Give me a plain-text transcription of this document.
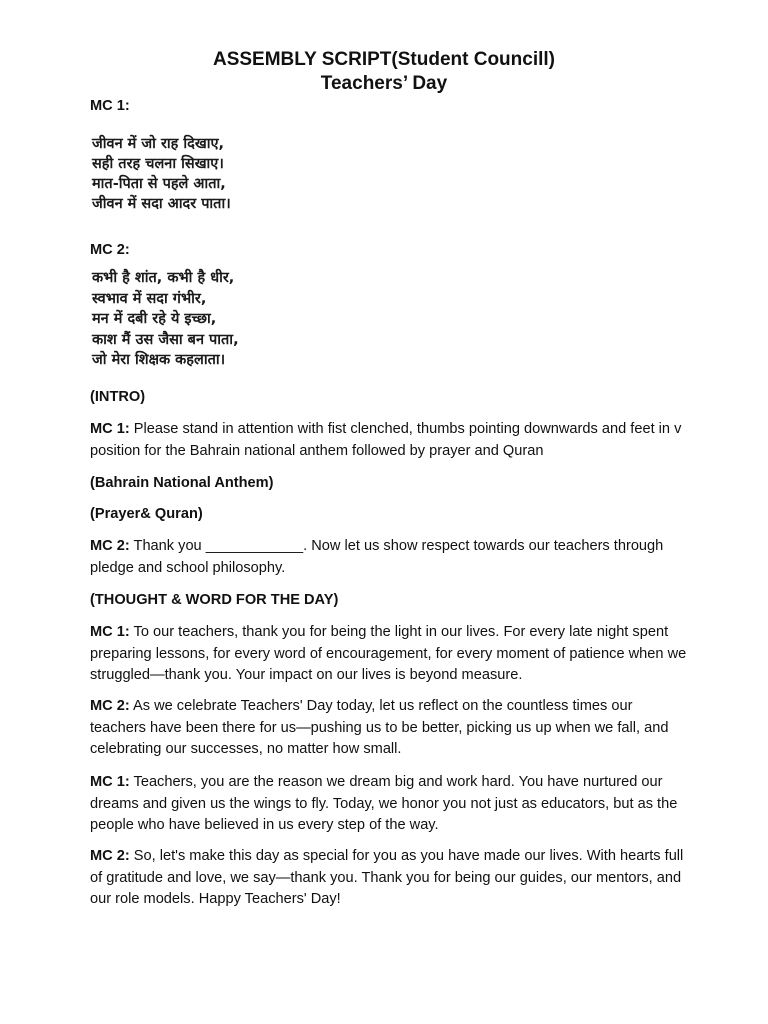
ASSEMBLY SCRIPT(Student Councill)
Teachers’ Day

MC 1:

जीवन में जो राह दिखाए,
सही तरह चलना सिखाए।
मात-पिता से पहले आता,
जीवन में सदा आदर पाता।

MC 2:

कभी है शांत, कभी है धीर,
स्वभाव में सदा गंभीर,
मन में दबी रहे ये इच्छा,
काश मैं उस जैसा बन पाता,
जो मेरा शिक्षक कहलाता।

(INTRO)

MC 1: Please stand in attention with fist clenched, thumbs pointing downwards and feet in v position for the Bahrain national anthem followed by prayer and Quran

(Bahrain National Anthem)

(Prayer& Quran)

MC 2: Thank you ____________. Now let us show respect towards our teachers through pledge and school philosophy.

(THOUGHT & WORD FOR THE DAY)

MC 1: To our teachers, thank you for being the light in our lives. For every late night spent preparing lessons, for every word of encouragement, for every moment of patience when we struggled—thank you. Your impact on our lives is beyond measure.

MC 2: As we celebrate Teachers' Day today, let us reflect on the countless times our teachers have been there for us—pushing us to be better, picking us up when we fall, and celebrating our successes, no matter how small.

MC 1: Teachers, you are the reason we dream big and work hard. You have nurtured our dreams and given us the wings to fly. Today, we honor you not just as educators, but as the people who have believed in us every step of the way.

MC 2: So, let's make this day as special for you as you have made our lives. With hearts full of gratitude and love, we say—thank you. Thank you for being our guides, our mentors, and our role models. Happy Teachers' Day!
